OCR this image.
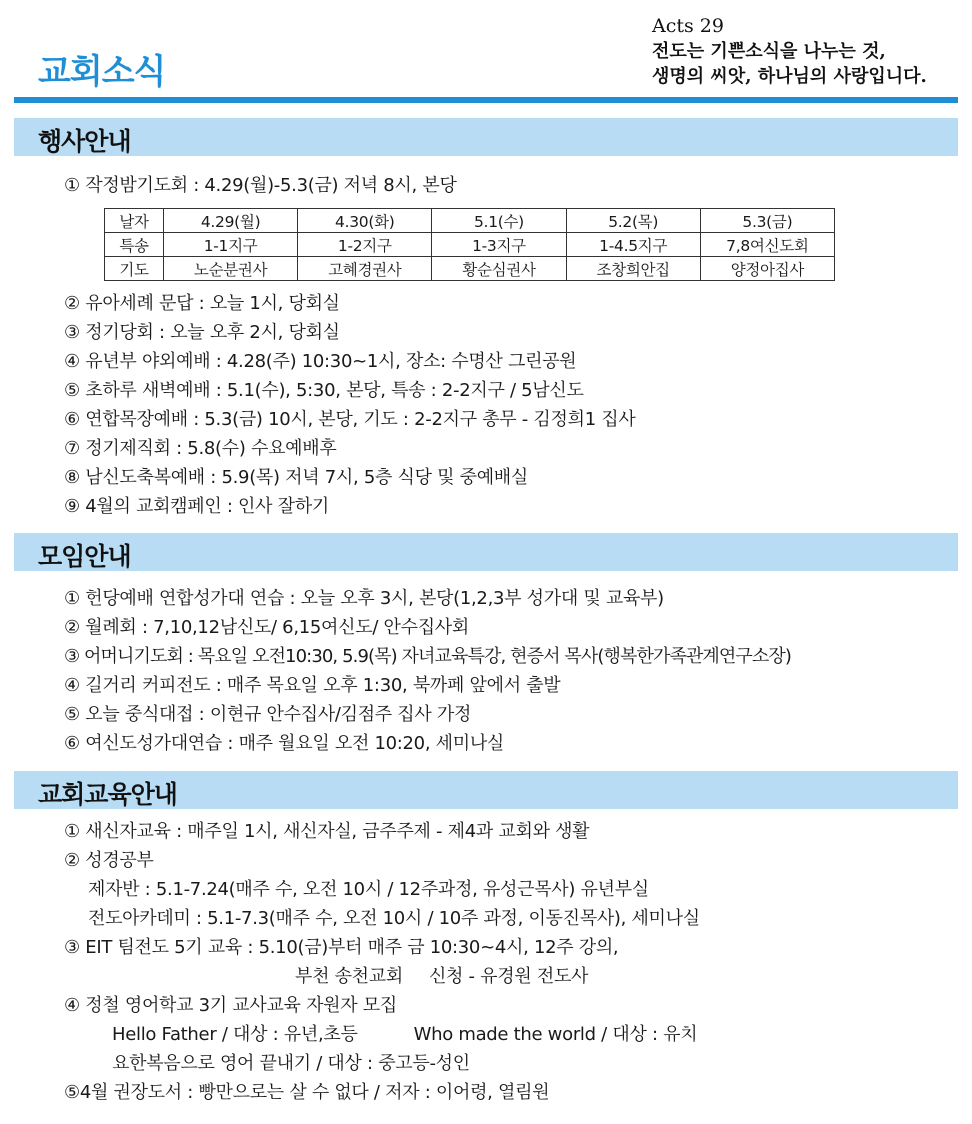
교회소식
Acts 29
전도는 기쁜소식을 나누는 것,
생명의 씨앗, 하나님의 사랑입니다.
행사안내
① 작정밤기도회 : 4.29(월)-5.3(금) 저녁 8시, 본당
날자	4.29(월)	4.30(화)	5.1(수)	5.2(목)	5.3(금)
특송	1-1지구	1-2지구	1-3지구	1-4.5지구	7,8여신도회
기도	노순분권사	고혜경권사	황순심권사	조창희안집	양정아집사
② 유아세례 문답 : 오늘 1시, 당회실
③ 정기당회 : 오늘 오후 2시, 당회실
④ 유년부 야외예배 : 4.28(주) 10:30~1시, 장소: 수명산 그린공원
⑤ 초하루 새벽예배 : 5.1(수), 5:30, 본당, 특송 : 2-2지구 / 5남신도
⑥ 연합목장예배 : 5.3(금) 10시, 본당, 기도 : 2-2지구 총무 - 김정희1 집사
⑦ 정기제직회 : 5.8(수) 수요예배후
⑧ 남신도축복예배 : 5.9(목) 저녁 7시, 5층 식당 및 중예배실
⑨ 4월의 교회캠페인 : 인사 잘하기
모임안내
① 헌당예배 연합성가대 연습 : 오늘 오후 3시, 본당(1,2,3부 성가대 및 교육부)
② 월례회 : 7,10,12남신도/ 6,15여신도/ 안수집사회
③ 어머니기도회 : 목요일 오전10:30, 5.9(목) 자녀교육특강, 현증서 목사(행복한가족관계연구소장)
④ 길거리 커피전도 : 매주 목요일 오후 1:30, 북까페 앞에서 출발
⑤ 오늘 중식대접 : 이현규 안수집사/김점주 집사 가정
⑥ 여신도성가대연습 : 매주 월요일 오전 10:20, 세미나실
교회교육안내
① 새신자교육 : 매주일 1시, 새신자실, 금주주제 - 제4과 교회와 생활
② 성경공부
제자반 : 5.1-7.24(매주 수, 오전 10시 / 12주과정, 유성근목사) 유년부실
전도아카데미 : 5.1-7.3(매주 수, 오전 10시 / 10주 과정, 이동진목사), 세미나실
③ EIT 팀전도 5기 교육 : 5.10(금)부터 매주 금 10:30~4시, 12주 강의,
부천 송천교회 신청 - 유경원 전도사
④ 정철 영어학교 3기 교사교육 자원자 모집
Hello Father / 대상 : 유년,초등	Who made the world / 대상 : 유치
요한복음으로 영어 끝내기 / 대상 : 중고등-성인
⑤4월 권장도서 : 빵만으로는 살 수 없다 / 저자 : 이어령, 열림원
